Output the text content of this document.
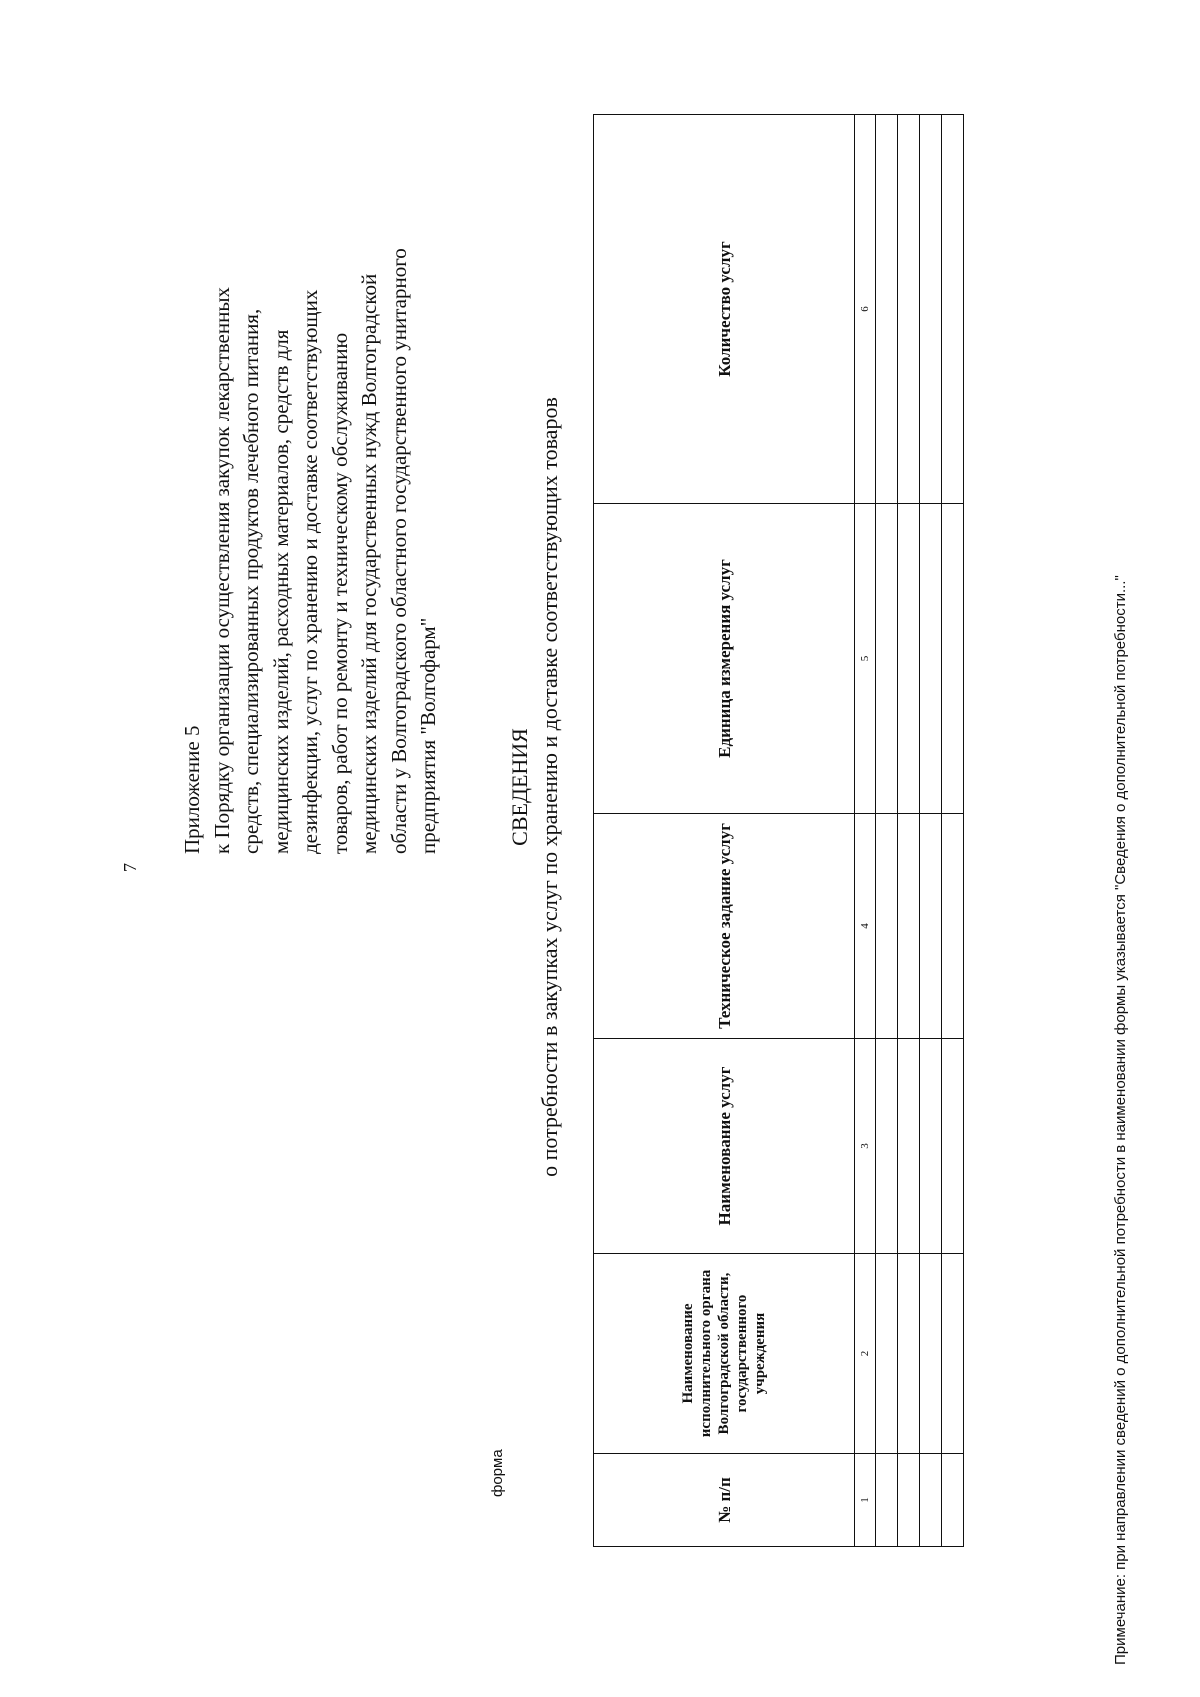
7
Приложение 5 к Порядку организации осуществления закупок лекарственных средств, специализированных продуктов лечебного питания, медицинских изделий, расходных материалов, средств для дезинфекции, услуг по хранению и доставке соответствующих товаров, работ по ремонту и техническому обслуживанию медицинских изделий для государственных нужд Волгоградской области у Волгоградского областного государственного унитарного предприятия "Волгофарм"	СВЕДЕНИЯ о потребности в закупках услуг по хранению и доставке соответствующих товаров
форма
№ п/п	Наименование исполнительного органа Волгоградской области, государственного учреждения	Наименование услуг	Техническое задание услуг	Единица измерения услуг	Количество услуг
1	2	3	4	5	6

Примечание: при направлении сведений о дополнительной потребности в наименовании формы указывается "Сведения о дополнительной потребности..."
